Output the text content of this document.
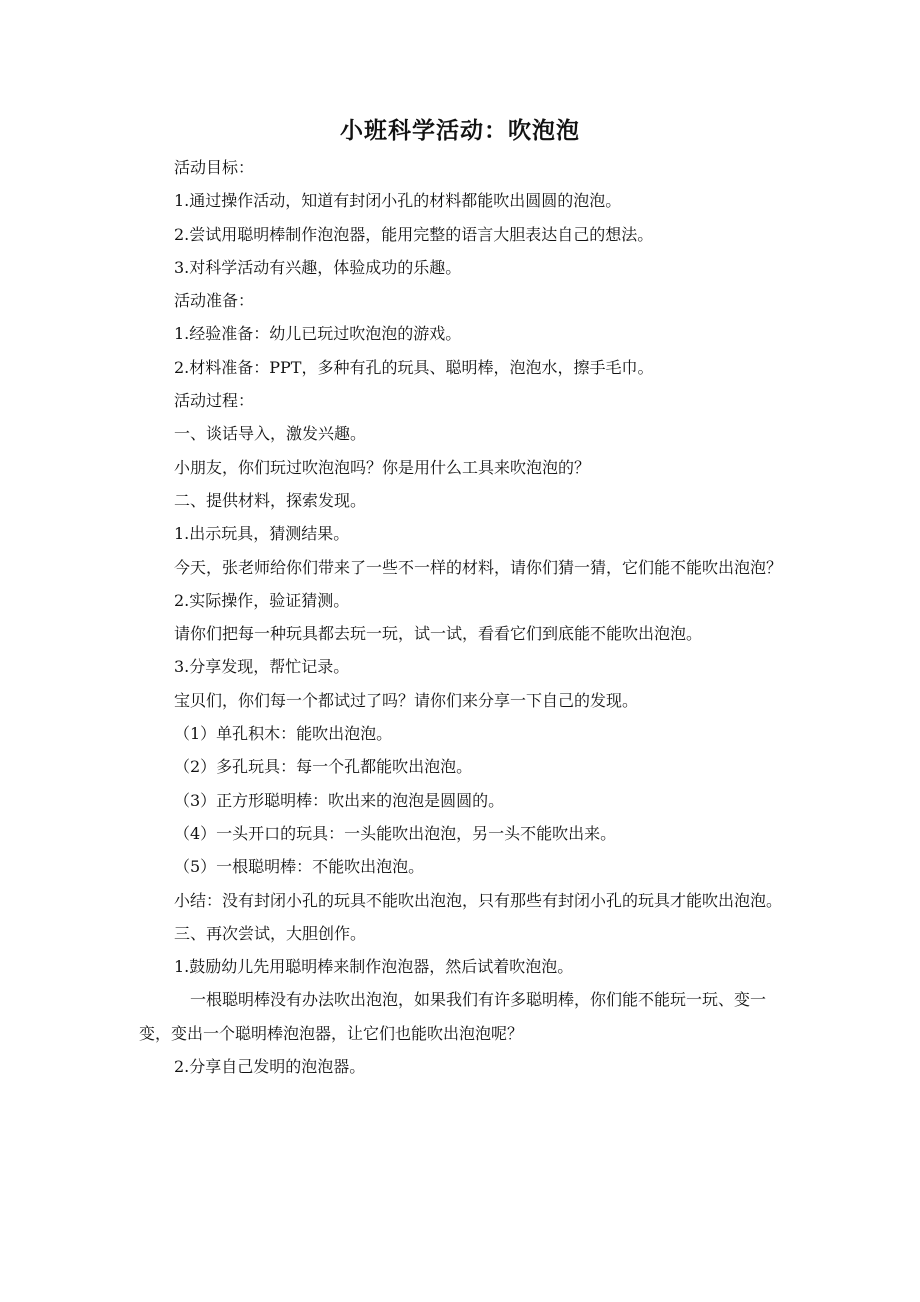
小班科学活动：吹泡泡

活动目标：

1.通过操作活动，知道有封闭小孔的材料都能吹出圆圆的泡泡。

2.尝试用聪明棒制作泡泡器，能用完整的语言大胆表达自己的想法。

3.对科学活动有兴趣，体验成功的乐趣。

活动准备：

1.经验准备：幼儿已玩过吹泡泡的游戏。

2.材料准备：PPT，多种有孔的玩具、聪明棒，泡泡水，擦手毛巾。

活动过程：

一、谈话导入，激发兴趣。

小朋友，你们玩过吹泡泡吗？你是用什么工具来吹泡泡的？

二、提供材料，探索发现。

1.出示玩具，猜测结果。

今天，张老师给你们带来了一些不一样的材料，请你们猜一猜，它们能不能吹出泡泡？

2.实际操作，验证猜测。

请你们把每一种玩具都去玩一玩，试一试，看看它们到底能不能吹出泡泡。

3.分享发现，帮忙记录。

宝贝们，你们每一个都试过了吗？请你们来分享一下自己的发现。

（1）单孔积木：能吹出泡泡。

（2）多孔玩具：每一个孔都能吹出泡泡。

（3）正方形聪明棒：吹出来的泡泡是圆圆的。

（4）一头开口的玩具：一头能吹出泡泡，另一头不能吹出来。

（5）一根聪明棒：不能吹出泡泡。

小结：没有封闭小孔的玩具不能吹出泡泡，只有那些有封闭小孔的玩具才能吹出泡泡。

三、再次尝试，大胆创作。

1.鼓励幼儿先用聪明棒来制作泡泡器，然后试着吹泡泡。

一根聪明棒没有办法吹出泡泡，如果我们有许多聪明棒，你们能不能玩一玩、变一变，变出一个聪明棒泡泡器，让它们也能吹出泡泡呢？

2.分享自己发明的泡泡器。
